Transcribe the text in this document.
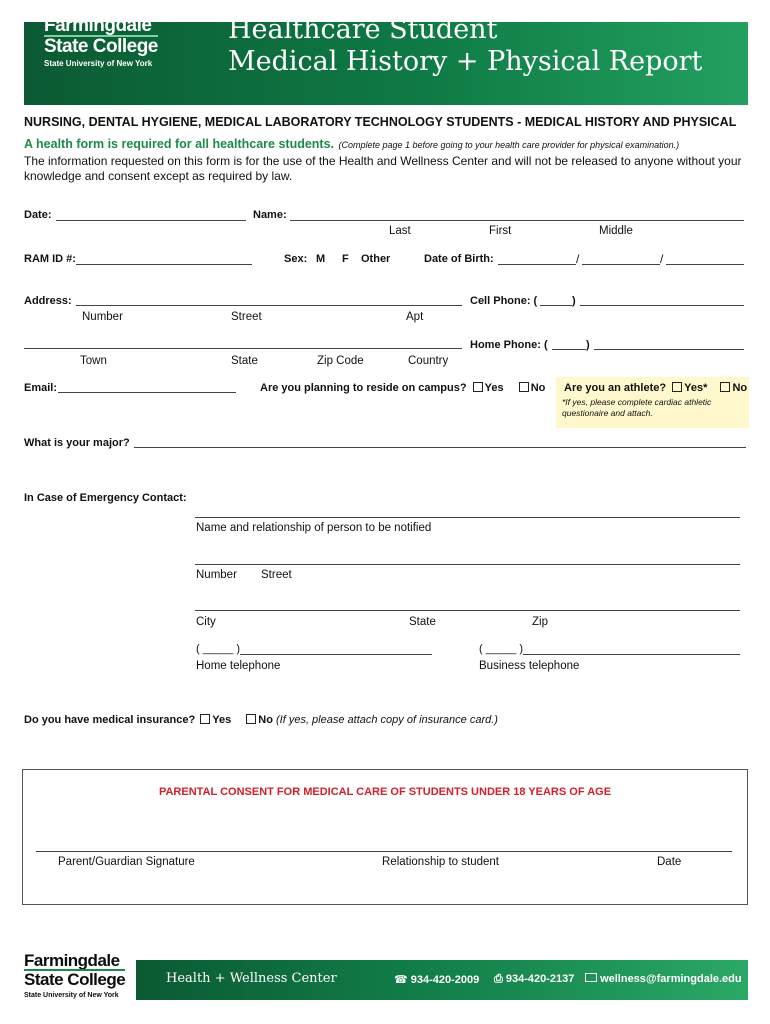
Farmingdale
State College
State University of New York
Healthcare Student
Medical History + Physical Report
NURSING, DENTAL HYGIENE, MEDICAL LABORATORY TECHNOLOGY STUDENTS - MEDICAL HISTORY AND PHYSICAL
A health form is required for all healthcare students. (Complete page 1 before going to your health care provider for physical examination.)
The information requested on this form is for the use of the Health and Wellness Center and will not be released to anyone without your knowledge and consent except as required by law.
Date:	Name:
Last	First	Middle
RAM ID #:	Sex: M F Other	Date of Birth:	/	/
Address:
Number	Street	Apt
Cell Phone: (	)
Home Phone: (	)
Town	State	Zip Code	Country
Email:	Are you planning to reside on campus? Yes No Are you an athlete? Yes* No
*If yes, please complete cardiac athletic questionaire and attach.
What is your major?
In Case of Emergency Contact:
Name and relationship of person to be notified
Number Street
City	State	Zip
( _____ )
Home telephone
( _____ )
Business telephone
Do you have medical insurance? Yes No (If yes, please attach copy of insurance card.)
PARENTAL CONSENT FOR MEDICAL CARE OF STUDENTS UNDER 18 YEARS OF AGE
Parent/Guardian Signature	Relationship to student	Date
Farmingdale
State College
State University of New York
Health + Wellness Center	☎ 934-420-2009 ⎙ 934-420-2137	wellness@farmingdale.edu
